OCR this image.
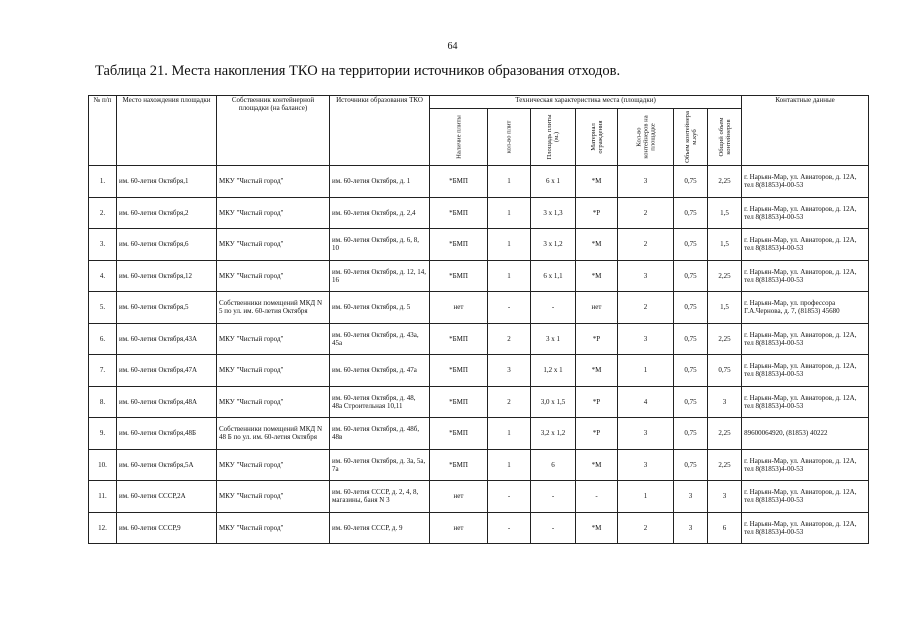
64
Таблица 21. Места накопления ТКО на территории источников образования отходов.
№ п/п	Место нахождения площадки	Собственник контейнерной площадки (на балансе)	Источники образования ТКО	Техническая характеристика места (площадки)							Контактные данные

				Наличие плиты	кол-во плит	Площадь плиты (м.)	Материал ограждения	Кол-во контейнеров на площадке	Объем контейнера м.куб	Общий объем контейнеров	

1.	им. 60-летия Октября,1	МКУ "Чистый город"	им. 60-летия Октября, д. 1	*БМП	1	6 x 1	*М	3	0,75	2,25	г. Нарьян-Мар, ул. Авиаторов, д. 12А, тел 8(81853)4-00-53
2.	им. 60-летия Октября,2	МКУ "Чистый город"	им. 60-летия Октября, д. 2,4	*БМП	1	3 x 1,3	*Р	2	0,75	1,5	г. Нарьян-Мар, ул. Авиаторов, д. 12А, тел 8(81853)4-00-53
3.	им. 60-летия Октября,6	МКУ "Чистый город"	им. 60-летия Октября, д. 6, 8, 10	*БМП	1	3 x 1,2	*М	2	0,75	1,5	г. Нарьян-Мар, ул. Авиаторов, д. 12А, тел 8(81853)4-00-53
4.	им. 60-летия Октября,12	МКУ "Чистый город"	им. 60-летия Октября, д. 12, 14, 16	*БМП	1	6 x 1,1	*М	3	0,75	2,25	г. Нарьян-Мар, ул. Авиаторов, д. 12А, тел 8(81853)4-00-53
5.	им. 60-летия Октября,5	Собственники помещений МКД N 5 по ул. им. 60-летия Октября	им. 60-летия Октября, д. 5	нет	-	-	нет	2	0,75	1,5	г. Нарьян-Мар, ул. профессора Г.А.Чернова, д. 7, (81853) 45680
6.	им. 60-летия Октября,43А	МКУ "Чистый город"	им. 60-летия Октября, д. 43а, 45а	*БМП	2	3 x 1	*Р	3	0,75	2,25	г. Нарьян-Мар, ул. Авиаторов, д. 12А, тел 8(81853)4-00-53
7.	им. 60-летия Октября,47А	МКУ "Чистый город"	им. 60-летия Октября, д. 47а	*БМП	3	1,2 x 1	*М	1	0,75	0,75	г. Нарьян-Мар, ул. Авиаторов, д. 12А, тел 8(81853)4-00-53
8.	им. 60-летия Октября,48А	МКУ "Чистый город"	им. 60-летия Октября, д. 48, 48а Строительная 10,11	*БМП	2	3,0 x 1,5	*Р	4	0,75	3	г. Нарьян-Мар, ул. Авиаторов, д. 12А, тел 8(81853)4-00-53
9.	им. 60-летия Октября,48Б	Собственники помещений МКД N 48 Б по ул. им. 60-летия Октября	им. 60-летия Октября, д. 48б, 48в	*БМП	1	3,2 x 1,2	*Р	3	0,75	2,25	89600064920, (81853) 40222
10.	им. 60-летия Октября,5А	МКУ "Чистый город"	им. 60-летия Октября, д. 3а, 5а, 7а	*БМП	1	6	*М	3	0,75	2,25	г. Нарьян-Мар, ул. Авиаторов, д. 12А, тел 8(81853)4-00-53
11.	им. 60-летия СССР,2А	МКУ "Чистый город"	им. 60-летия СССР, д. 2, 4, 8, магазины, баня N 3	нет	-	-	-	1	3	3	г. Нарьян-Мар, ул. Авиаторов, д. 12А, тел 8(81853)4-00-53
12.	им. 60-летия СССР,9	МКУ "Чистый город"	им. 60-летия СССР, д. 9	нет	-	-	*М	2	3	6	г. Нарьян-Мар, ул. Авиаторов, д. 12А, тел 8(81853)4-00-53
